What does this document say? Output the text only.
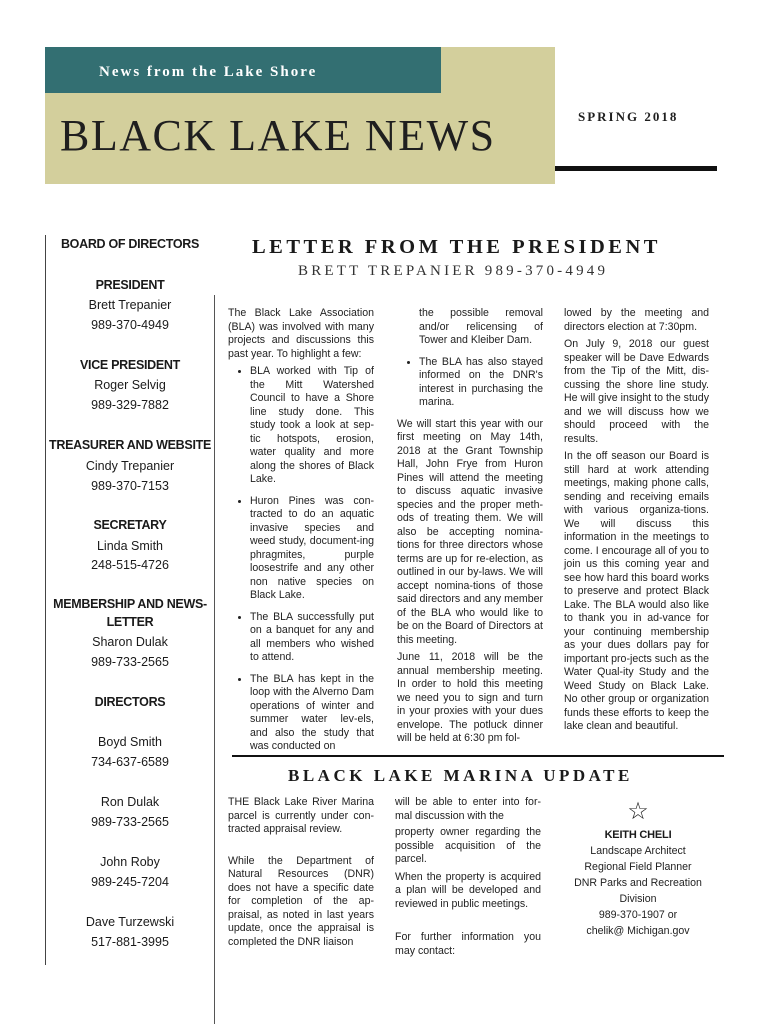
News from the Lake Shore
BLACK LAKE NEWS	SPRING 2018
BOARD OF DIRECTORS
PRESIDENT
Brett Trepanier
989-370-4949
VICE PRESIDENT
Roger Selvig
989-329-7882
TREASURER AND WEBSITE
Cindy Trepanier
989-370-7153
SECRETARY
Linda Smith
248-515-4726
MEMBERSHIP AND NEWS-
LETTER
Sharon Dulak
989-733-2565
DIRECTORS
Boyd Smith
734-637-6589
Ron Dulak
989-733-2565
John Roby
989-245-7204
Dave Turzewski
517-881-3995
LETTER FROM THE PRESIDENT
BRETT TREPANIER 989-370-4949

The Black Lake Association (BLA) was involved with many projects and discussions this past year. To highlight a few:

• BLA worked with Tip of the Mitt Watershed Council to have a Shore line study done. This study took a look at sep-tic hotspots, erosion, water quality and more along the shores of Black Lake.
• Huron Pines was con-tracted to do an aquatic invasive species and weed study, document-ing phragmites, purple loosestrife and any other non native species on Black Lake.
• The BLA successfully put on a banquet for any and all members who wished to attend.
• The BLA has kept in the loop with the Alverno Dam operations of winter and summer water lev-els, and also the study that was conducted on

the possible removal and/or relicensing of Tower and Kleiber Dam.

• The BLA has also stayed informed on the DNR's interest in purchasing the marina.

We will start this year with our first meeting on May 14th, 2018 at the Grant Township Hall, John Frye from Huron Pines will attend the meeting to discuss aquatic invasive species and the proper meth-ods of treating them. We will also be accepting nomina-tions for three directors whose terms are up for re-election, as outlined in our by-laws. We will accept nomina-tions of those said directors and any member of the BLA who would like to be on the Board of Directors at this meeting.

June 11, 2018 will be the annual membership meeting. In order to hold this meeting we need you to sign and turn in your proxies with your dues envelope. The potluck dinner will be held at 6:30 pm fol-

lowed by the meeting and directors election at 7:30pm.

On July 9, 2018 our guest speaker will be Dave Edwards from the Tip of the Mitt, dis-cussing the shore line study. He will give insight to the study and we will discuss how we should proceed with the results.

In the off season our Board is still hard at work attending meetings, making phone calls, sending and receiving emails with various organiza-tions. We will discuss this information in the meetings to come. I encourage all of you to join us this coming year and see how hard this board works to preserve and protect Black Lake. The BLA would also like to thank you in ad-vance for your continuing membership as your dues dollars pay for important pro-jects such as the Water Qual-ity Study and the Weed Study on Black Lake. No other group or organization funds these efforts to keep the lake clean and beautiful.

BLACK LAKE MARINA UPDATE

THE Black Lake River Marina parcel is currently under con-tracted appraisal review.

While the Department of Natural Resources (DNR) does not have a specific date for completion of the ap-praisal, as noted in last years update, once the appraisal is completed the DNR liaison

will be able to enter into for-mal discussion with the

property owner regarding the possible acquisition of the parcel.

When the property is acquired a plan will be developed and reviewed in public meetings.

For further information you may contact:

☆
KEITH CHELI
Landscape Architect
Regional Field Planner
DNR Parks and Recreation
Division
989-370-1907 or
chelik@ Michigan.gov
